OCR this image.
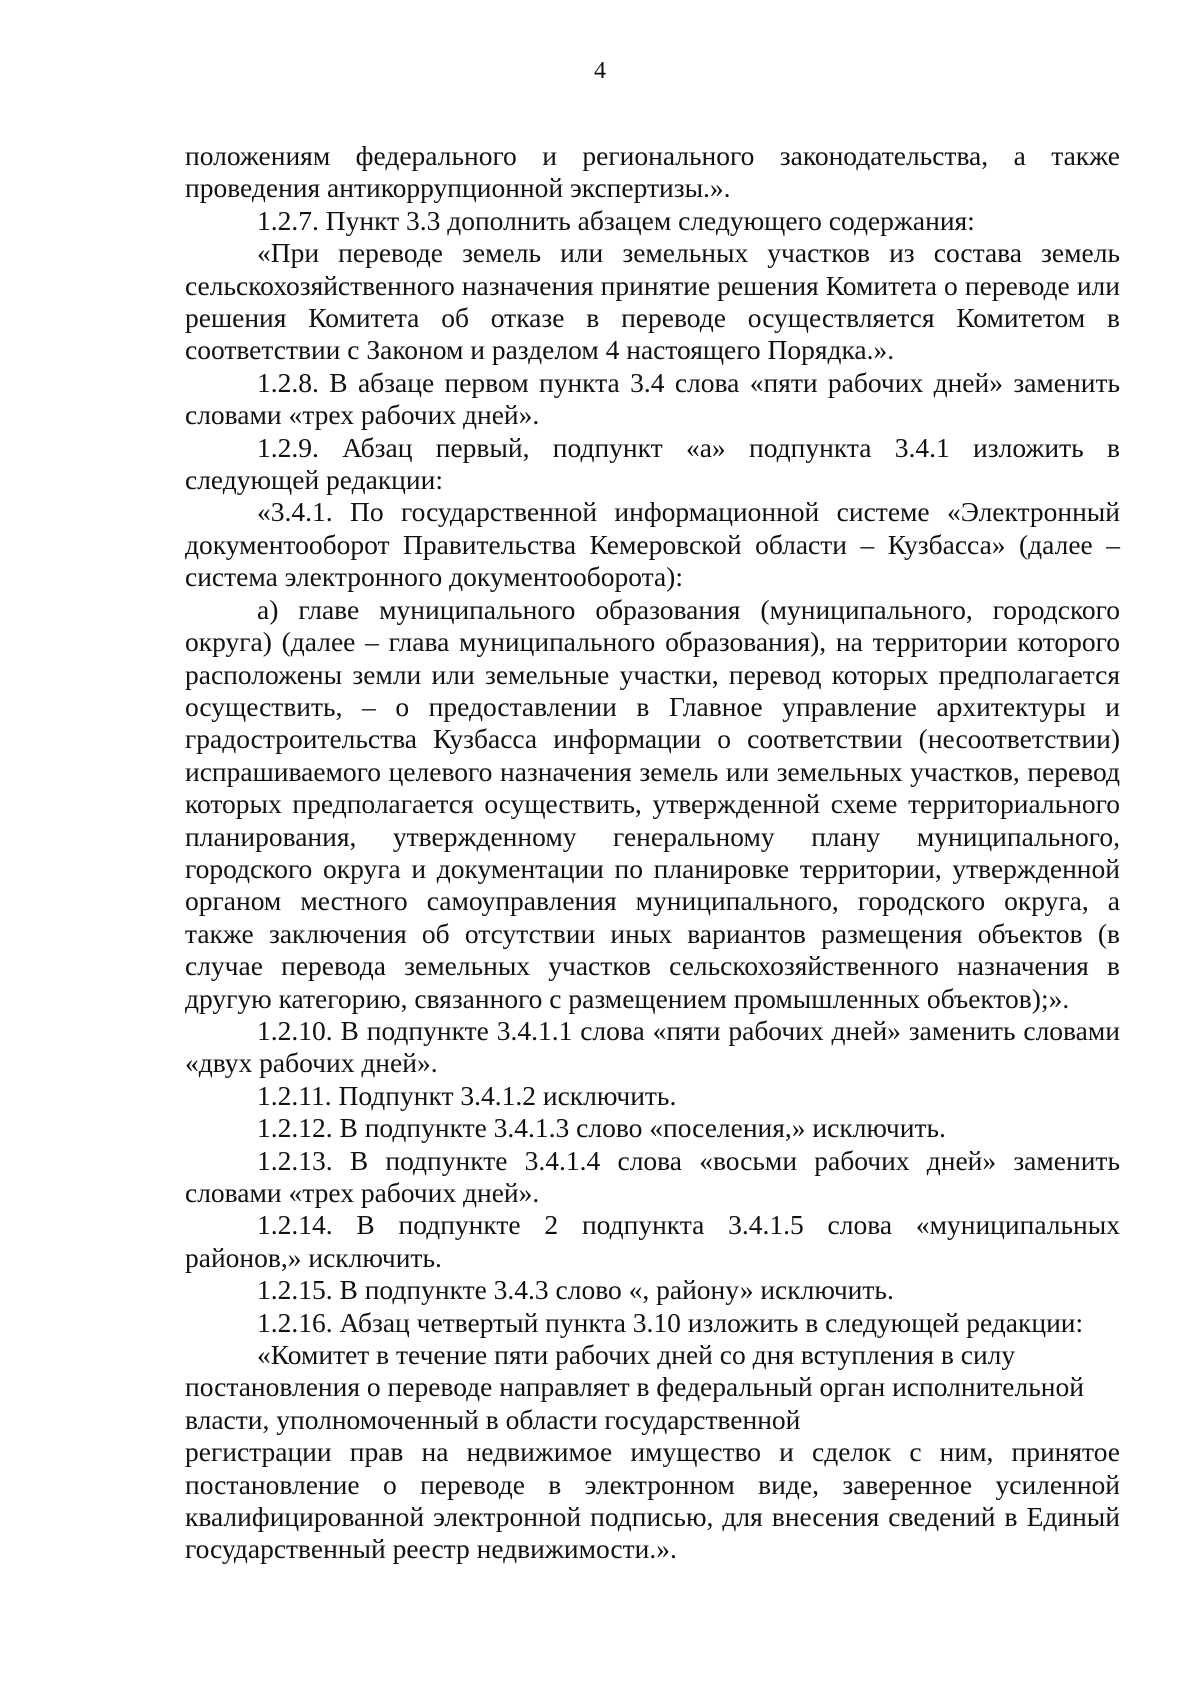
4

положениям федерального и регионального законодательства, а также проведения антикоррупционной экспертизы.».

1.2.7. Пункт 3.3 дополнить абзацем следующего содержания:

«При переводе земель или земельных участков из состава земель сельскохозяйственного назначения принятие решения Комитета о переводе или решения Комитета об отказе в переводе осуществляется Комитетом в соответствии с Законом и разделом 4 настоящего Порядка.».

1.2.8. В абзаце первом пункта 3.4 слова «пяти рабочих дней» заменить словами «трех рабочих дней».

1.2.9. Абзац первый, подпункт «а» подпункта 3.4.1 изложить в следующей редакции:

«3.4.1. По государственной информационной системе «Электронный документооборот Правительства Кемеровской области – Кузбасса» (далее – система электронного документооборота):

а) главе муниципального образования (муниципального, городского округа) (далее – глава муниципального образования), на территории которого расположены земли или земельные участки, перевод которых предполагается осуществить, – о предоставлении в Главное управление архитектуры и градостроительства Кузбасса информации о соответствии (несоответствии) испрашиваемого целевого назначения земель или земельных участков, перевод которых предполагается осуществить, утвержденной схеме территориального планирования, утвержденному генеральному плану муниципального, городского округа и документации по планировке территории, утвержденной органом местного самоуправления муниципального, городского округа, а также заключения об отсутствии иных вариантов размещения объектов (в случае перевода земельных участков сельскохозяйственного назначения в другую категорию, связанного с размещением промышленных объектов);».

1.2.10. В подпункте 3.4.1.1 слова «пяти рабочих дней» заменить словами «двух рабочих дней».

1.2.11. Подпункт 3.4.1.2 исключить.

1.2.12. В подпункте 3.4.1.3 слово «поселения,» исключить.

1.2.13. В подпункте 3.4.1.4 слова «восьми рабочих дней» заменить словами «трех рабочих дней».

1.2.14. В подпункте 2 подпункта 3.4.1.5 слова «муниципальных районов,» исключить.

1.2.15. В подпункте 3.4.3 слово «, району» исключить.

1.2.16. Абзац четвертый пункта 3.10 изложить в следующей редакции:

«Комитет в течение пяти рабочих дней со дня вступления в силу постановления о переводе направляет в федеральный орган исполнительной власти, уполномоченный в области государственной

регистрации прав на недвижимое имущество и сделок с ним, принятое постановление о переводе в электронном виде, заверенное усиленной квалифицированной электронной подписью, для внесения сведений в Единый государственный реестр недвижимости.».
